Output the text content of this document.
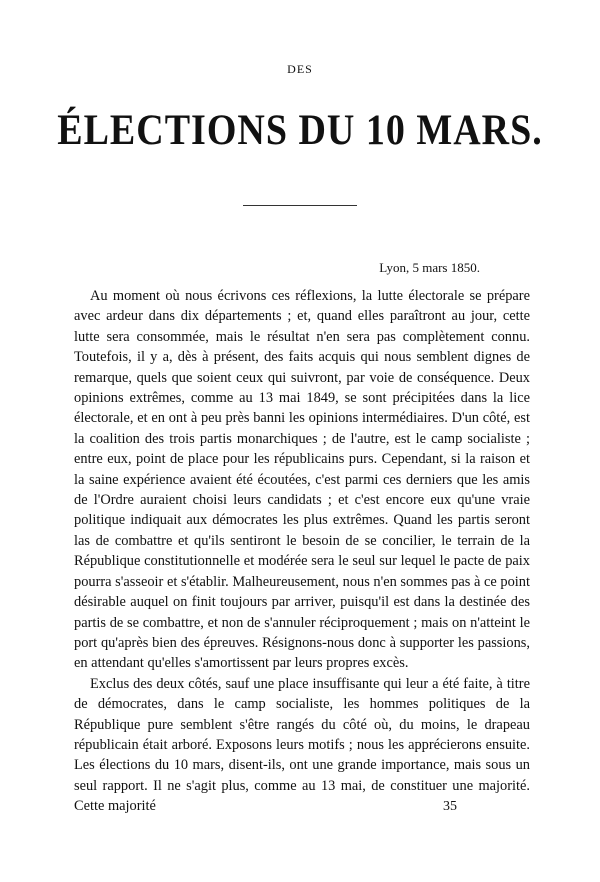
DES
ÉLECTIONS DU 10 MARS.
Lyon, 5 mars 1850.

Au moment où nous écrivons ces réflexions, la lutte électorale se prépare avec ardeur dans dix départements ; et, quand elles paraîtront au jour, cette lutte sera consommée, mais le résultat n'en sera pas complètement connu. Toutefois, il y a, dès à présent, des faits acquis qui nous semblent dignes de remarque, quels que soient ceux qui suivront, par voie de conséquence. Deux opinions extrêmes, comme au 13 mai 1849, se sont précipitées dans la lice électorale, et en ont à peu près banni les opinions intermédiaires. D'un côté, est la coalition des trois partis monarchiques ; de l'autre, est le camp socialiste ; entre eux, point de place pour les républicains purs. Cependant, si la raison et la saine expérience avaient été écoutées, c'est parmi ces derniers que les amis de l'Ordre auraient choisi leurs candidats ; et c'est encore eux qu'une vraie politique indiquait aux démocrates les plus extrêmes. Quand les partis seront las de combattre et qu'ils sentiront le besoin de se concilier, le terrain de la République constitutionnelle et modérée sera le seul sur lequel le pacte de paix pourra s'asseoir et s'établir. Malheureusement, nous n'en sommes pas à ce point désirable auquel on finit toujours par arriver, puisqu'il est dans la destinée des partis de se combattre, et non de s'annuler réciproquement ; mais on n'atteint le port qu'après bien des épreuves. Résignons-nous donc à supporter les passions, en attendant qu'elles s'amortissent par leurs propres excès.

Exclus des deux côtés, sauf une place insuffisante qui leur a été faite, à titre de démocrates, dans le camp socialiste, les hommes politiques de la République pure semblent s'être rangés du côté où, du moins, le drapeau républicain était arboré. Exposons leurs motifs ; nous les apprécierons ensuite. Les élections du 10 mars, disent-ils, ont une grande importance, mais sous un seul rapport. Il ne s'agit plus, comme au 13 mai, de constituer une majorité. Cette majorité	35
